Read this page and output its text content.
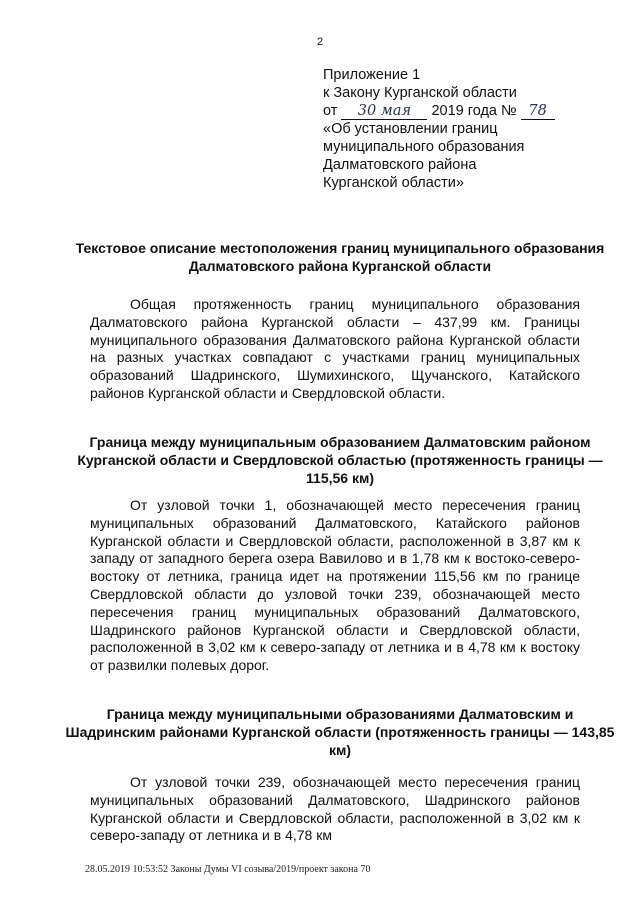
2
Приложение 1
к Закону Курганской области
от 30 мая 2019 года № 78
«Об установлении границ
муниципального образования
Далматовского района
Курганской области»
Текстовое описание местоположения границ муниципального образования Далматовского района Курганской области
Общая протяженность границ муниципального образования Далматовского района Курганской области – 437,99 км. Границы муниципального образования Далматовского района Курганской области на разных участках совпадают с участками границ муниципальных образований Шадринского, Шумихинского, Щучанского, Катайского районов Курганской области и Свердловской области.
Граница между муниципальным образованием Далматовским районом Курганской области и Свердловской областью (протяженность границы — 115,56 км)
От узловой точки 1, обозначающей место пересечения границ муниципальных образований Далматовского, Катайского районов Курганской области и Свердловской области, расположенной в 3,87 км к западу от западного берега озера Вавилово и в 1,78 км к востоко-северо-востоку от летника, граница идет на протяжении 115,56 км по границе Свердловской области до узловой точки 239, обозначающей место пересечения границ муниципальных образований Далматовского, Шадринского районов Курганской области и Свердловской области, расположенной в 3,02 км к северо-западу от летника и в 4,78 км к востоку от развилки полевых дорог.
Граница между муниципальными образованиями Далматовским и Шадринским районами Курганской области (протяженность границы — 143,85 км)
От узловой точки 239, обозначающей место пересечения границ муниципальных образований Далматовского, Шадринского районов Курганской области и Свердловской области, расположенной в 3,02 км к северо-западу от летника и в 4,78 км
28.05.2019 10:53:52 Законы Думы VI созыва/2019/проект закона 70
